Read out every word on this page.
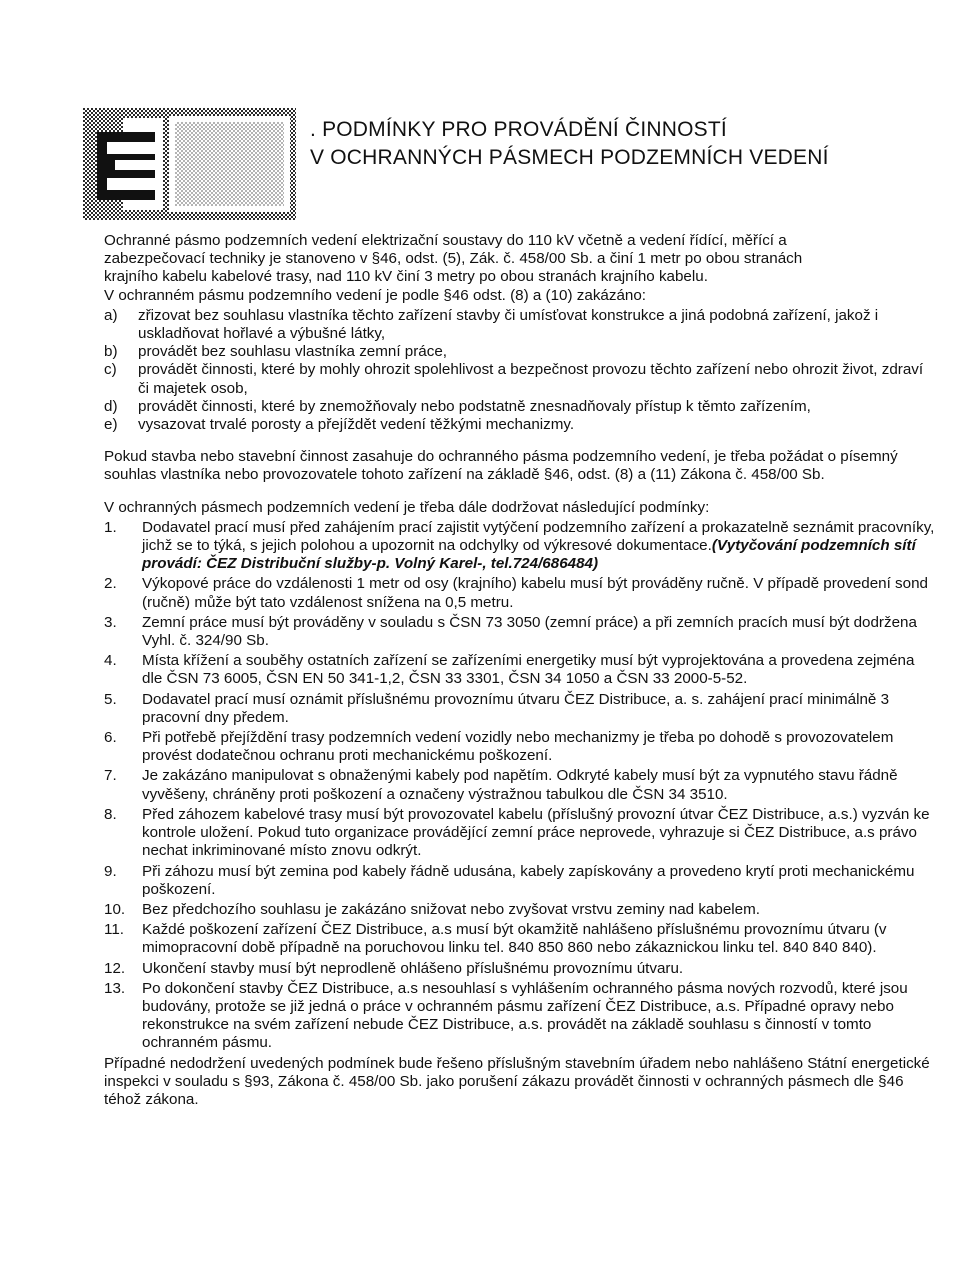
. PODMÍNKY PRO PROVÁDĚNÍ ČINNOSTÍ
V OCHRANNÝCH PÁSMECH PODZEMNÍCH VEDENÍ

Ochranné pásmo podzemních vedení elektrizační soustavy do 110 kV včetně a vedení řídící, měřící a
zabezpečovací techniky je stanoveno v §46, odst. (5), Zák. č. 458/00 Sb. a činí 1 metr po obou stranách
krajního kabelu kabelové trasy, nad 110 kV činí 3 metry po obou stranách krajního kabelu.
V ochranném pásmu podzemního vedení je podle §46 odst. (8) a (10) zakázáno:

a)	zřizovat bez souhlasu vlastníka těchto zařízení stavby či umísťovat konstrukce a jiná podobná zařízení, jakož i uskladňovat hořlavé a výbušné látky,
b)	provádět bez souhlasu vlastníka zemní práce,
c)	provádět činnosti, které by mohly ohrozit spolehlivost a bezpečnost provozu těchto zařízení nebo ohrozit život, zdraví či majetek osob,
d)	provádět činnosti, které by znemožňovaly nebo podstatně znesnadňovaly přístup k těmto zařízením,
e)	vysazovat trvalé porosty a přejíždět vedení těžkými mechanizmy.

Pokud stavba nebo stavební činnost zasahuje do ochranného pásma podzemního vedení, je třeba požádat o písemný souhlas vlastníka nebo provozovatele tohoto zařízení na základě §46, odst. (8) a (11) Zákona č. 458/00 Sb.

V ochranných pásmech podzemních vedení je třeba dále dodržovat následující podmínky:

1.	Dodavatel prací musí před zahájením prací zajistit vytýčení podzemního zařízení a prokazatelně seznámit pracovníky, jichž se to týká, s jejich polohou a upozornit na odchylky od výkresové dokumentace.(Vytyčování podzemních sítí provádí: ČEZ Distribuční služby-p. Volný Karel-, tel.724/686484)
2.	Výkopové práce do vzdálenosti 1 metr od osy (krajního) kabelu musí být prováděny ručně. V případě provedení sond (ručně) může být tato vzdálenost snížena na 0,5 metru.
3.	Zemní práce musí být prováděny v souladu s ČSN 73 3050 (zemní práce) a při zemních pracích musí být dodržena Vyhl. č. 324/90 Sb.
4.	Místa křížení a souběhy ostatních zařízení se zařízeními energetiky musí být vyprojektována a provedena zejména dle ČSN 73 6005, ČSN EN 50 341-1,2, ČSN 33 3301, ČSN 34 1050 a ČSN 33 2000-5-52.
5.	Dodavatel prací musí oznámit příslušnému provoznímu útvaru ČEZ Distribuce, a. s. zahájení prací minimálně 3 pracovní dny předem.
6.	Při potřebě přejíždění trasy podzemních vedení vozidly nebo mechanizmy je třeba po dohodě s provozovatelem provést dodatečnou ochranu proti mechanickému poškození.
7.	Je zakázáno manipulovat s obnaženými kabely pod napětím. Odkryté kabely musí být za vypnutého stavu řádně vyvěšeny, chráněny proti poškození a označeny výstražnou tabulkou dle ČSN 34 3510.
8.	Před záhozem kabelové trasy musí být provozovatel kabelu (příslušný provozní útvar ČEZ Distribuce, a.s.) vyzván ke kontrole uložení. Pokud tuto organizace provádějící zemní práce neprovede, vyhrazuje si ČEZ Distribuce, a.s právo nechat inkriminované místo znovu odkrýt.
9.	Při záhozu musí být zemina pod kabely řádně udusána, kabely zapískovány a provedeno krytí proti mechanickému poškození.
10.	Bez předchozího souhlasu je zakázáno snižovat nebo zvyšovat vrstvu zeminy nad kabelem.
11.	Každé poškození zařízení ČEZ Distribuce, a.s musí být okamžitě nahlášeno příslušnému provoznímu útvaru (v mimopracovní době případně na poruchovou linku tel. 840 850 860 nebo zákaznickou linku tel. 840 840 840).
12.	Ukončení stavby musí být neprodleně ohlášeno příslušnému provoznímu útvaru.
13.	Po dokončení stavby ČEZ Distribuce, a.s nesouhlasí s vyhlášením ochranného pásma nových rozvodů, které jsou budovány, protože se již jedná o práce v ochranném pásmu zařízení ČEZ Distribuce, a.s. Případné opravy nebo rekonstrukce na svém zařízení nebude ČEZ Distribuce, a.s. provádět na základě souhlasu s činností v tomto ochranném pásmu.

Případné nedodržení uvedených podmínek bude řešeno příslušným stavebním úřadem nebo nahlášeno Státní energetické inspekci v souladu s §93, Zákona č. 458/00 Sb. jako porušení zákazu provádět činnosti v ochranných pásmech dle §46 téhož zákona.
